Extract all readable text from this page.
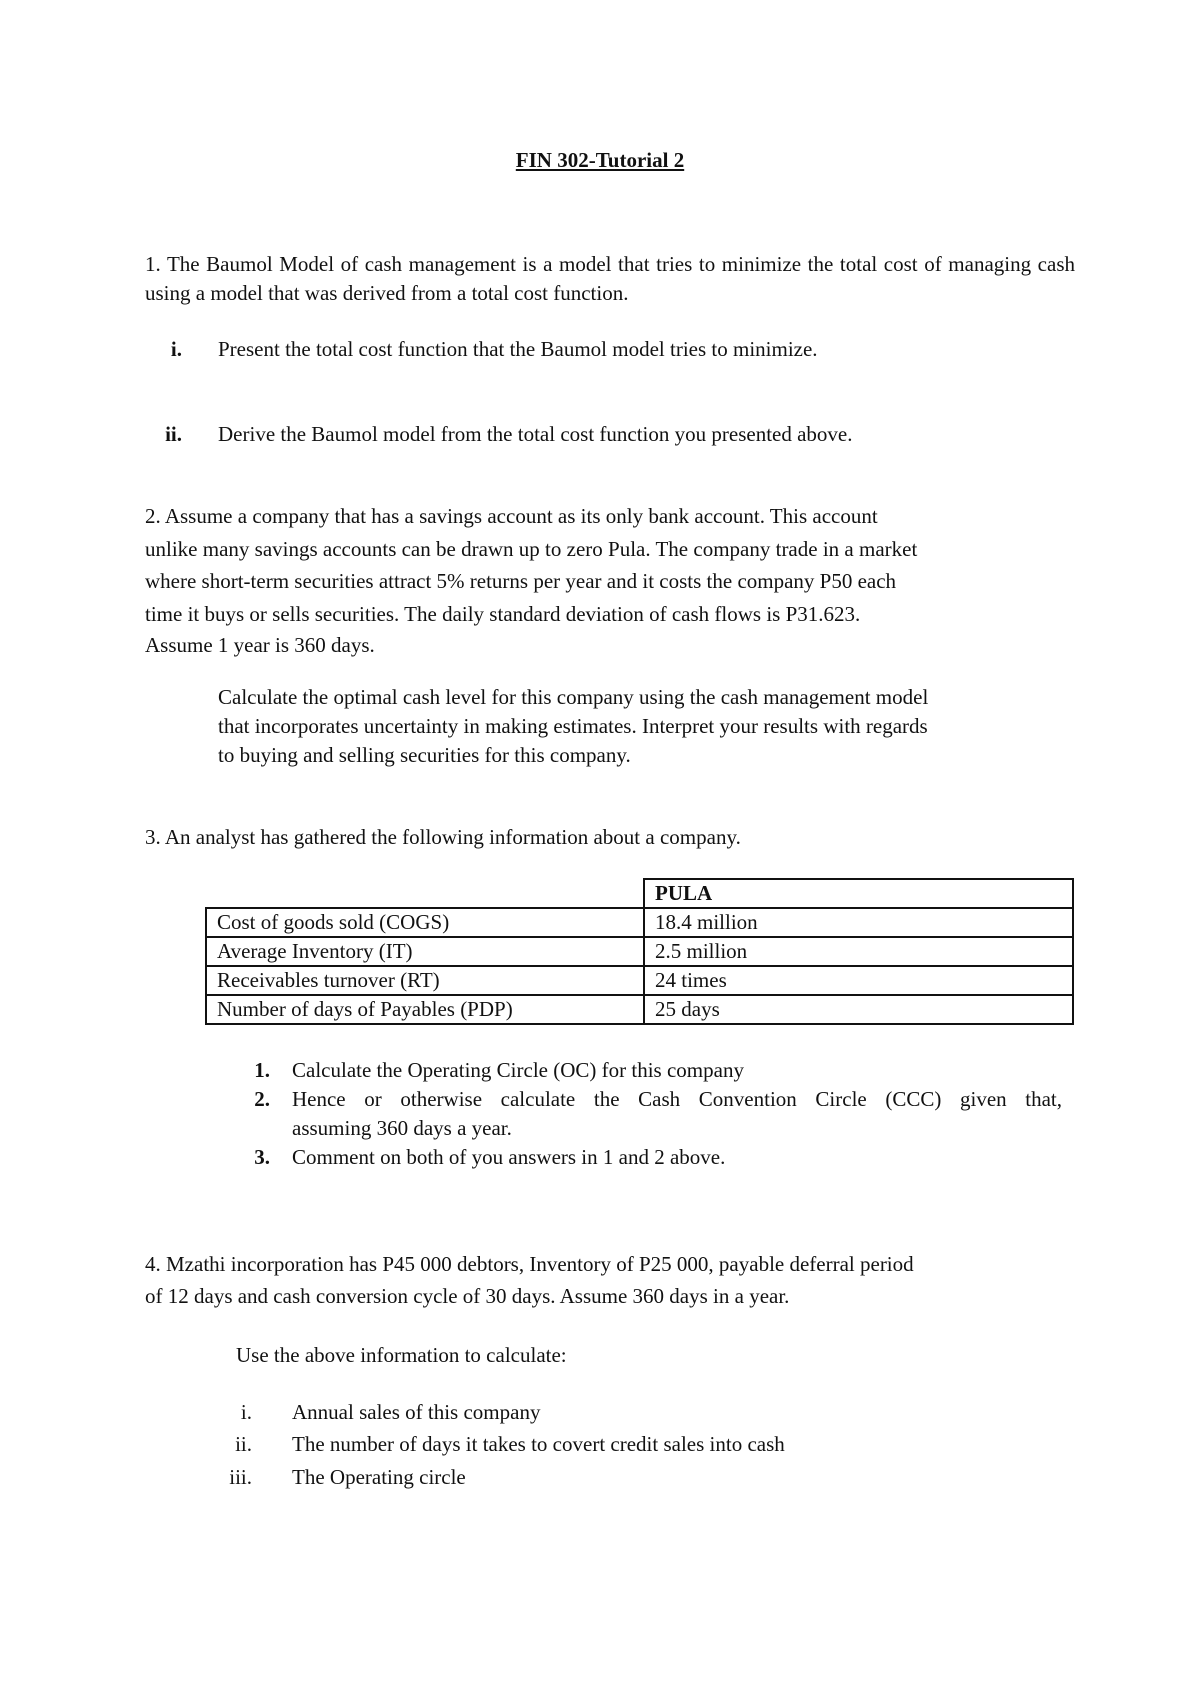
FIN 302-Tutorial 2

1. The Baumol Model of cash management is a model that tries to minimize the total cost of managing cash using a model that was derived from a total cost function.

i. Present the total cost function that the Baumol model tries to minimize.
ii. Derive the Baumol model from the total cost function you presented above.

2. Assume a company that has a savings account as its only bank account. This account

unlike many savings accounts can be drawn up to zero Pula. The company trade in a market

where short-term securities attract 5% returns per year and it costs the company P50 each

time it buys or sells securities. The daily standard deviation of cash flows is P31.623.

Assume 1 year is 360 days.

Calculate the optimal cash level for this company using the cash management model

that incorporates uncertainty in making estimates. Interpret your results with regards

to buying and selling securities for this company.

3. An analyst has gathered the following information about a company.

	PULA
Cost of goods sold (COGS)	18.4 million
Average Inventory (IT)	2.5 million
Receivables turnover (RT)	24 times
Number of days of Payables (PDP)	25 days
1. Calculate the Operating Circle (OC) for this company
2. Hence or otherwise calculate the Cash Convention Circle (CCC) given that,
assuming 360 days a year.
3. Comment on both of you answers in 1 and 2 above.

4. Mzathi incorporation has P45 000 debtors, Inventory of P25 000, payable deferral period

of 12 days and cash conversion cycle of 30 days. Assume 360 days in a year.

Use the above information to calculate:

i. Annual sales of this company
ii. The number of days it takes to covert credit sales into cash
iii. The Operating circle
